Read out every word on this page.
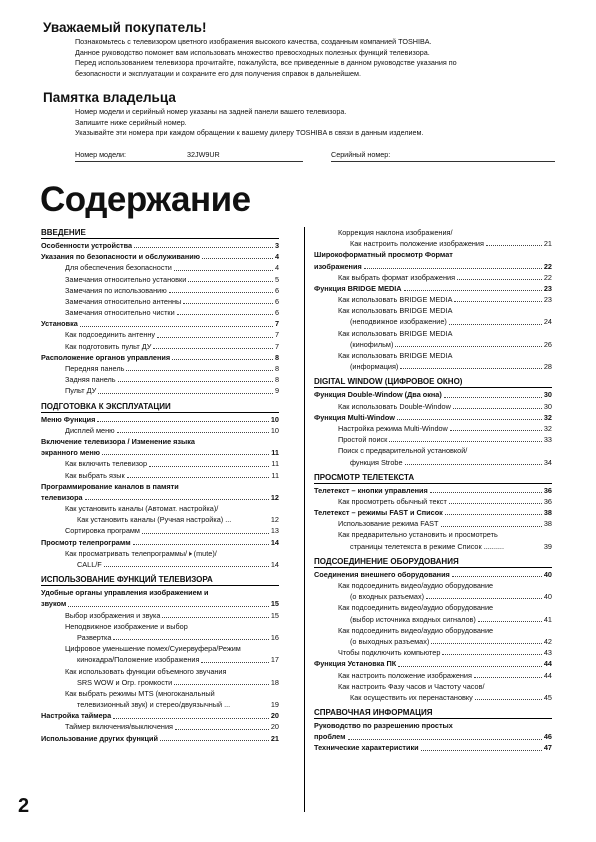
Уважаемый покупатель!
Познакомьтесь с телевизором цветного изображения высокого качества, созданным компанией TOSHIBA.
Данное руководство поможет вам использовать множество превосходных полезных функций телевизора.
Перед использованием телевизора прочитайте, пожалуйста, все приведенные в данном руководстве указания по
безопасности и эксплуатации и сохраните его для получения справок в дальнейшем.
Памятка владельца
Номер модели и серийный номер указаны на задней панели вашего телевизора.
Запишите ниже серийный номер.
Указывайте эти номера при каждом обращении к вашему дилеру TOSHIBA в связи в данным изделием.
Номер модели:	32JW9UR	Серийный номер:
Содержание
ВВЕДЕНИЕ
Особенности устройства	3
Указания по безопасности и обслуживанию	4
Для обеспечения безопасности	4
Замечания относительно установки	5
Замечания по использованию	6
Замечания относительно антенны	6
Замечания относительно чистки	6
Установка	7
Как подсоединить антенну	7
Как подготовить пульт ДУ	7
Расположение органов управления	8
Передняя панель	8
Задняя панель	8
Пульт ДУ	9
ПОДГОТОВКА К ЭКСПЛУАТАЦИИ
Меню Функция	10
Дисплей меню	10
Включение телевизора / Изменение языка
экранного меню	11
Как включить телевизор	11
Как выбрать язык	11
Программирование каналов в памяти
телевизора	12
Как установить каналы (Автомат. настройка)/
Как установить каналы (Ручная настройка) ...	12
Сортировка программ	13
Просмотр телепрограмм	14
Как просматривать телепрограммы/🕨 (mute)/
CALL/F	14
ИСПОЛЬЗОВАНИЕ ФУНКЦИЙ ТЕЛЕВИЗОРА
Удобные органы управления изображением и
звуком	15
Выбор изображения и звука	15
Неподвижное изображение и выбор
Развертка	16
Цифровое уменьшение помех/Суиервуфера/Режим
кинокадра/Положение изображения	17
Как использовать функции объемного звучания
SRS WOW и Огр. громкости	18
Как выбрать режимы MTS (многоканальный
телевизионный звук) и стерео/двуязычный ...	19
Настройка таймера	20
Таймер включения/выключения	20
Использование других функций	21
Коррекция наклона изображения/
Как настроить положение изображения	21
Широкоформатный просмотр Формат
изображения	22
Как выбрать формат изображения	22
Функция BRIDGE MEDIA	23
Как использовать BRIDGE MEDIA	23
Как использовать BRIDGE MEDIA
(неподвижное изображение)	24
Как использовать BRIDGE MEDIA
(кинофильм)	26
Как использовать BRIDGE MEDIA
(информация)	28
DIGITAL WINDOW (ЦИФРОВОЕ ОКНО)
Функция Double-Window (Два окна)	30
Как использовать Double-Window	30
Функция Multi-Window	32
Настройка режима Multi-Window	32
Простой поиск	33
Поиск с предварительной установкой/
функция Strobe	34
ПРОСМОТР ТЕЛЕТЕКСТА
Телетекст – кнопки управления	36
Как просмотреть обычный текст	36
Телетекст – режимы FAST и Список	38
Использование режима FAST	38
Как предварительно установить и просмотреть
страницы телетекста в режиме Список ..........	39
ПОДСОЕДИНЕНИЕ ОБОРУДОВАНИЯ
Соединения внешнего оборудования	40
Как подсоединить видео/аудио оборудование
(о входных разъемах)	40
Как подсоединить видео/аудио оборудование
(выбор источника входных сигналов)	41
Как подсоединить видео/аудио оборудование
(о выходных разъемах)	42
Чтобы подключить компьютер	43
Функция Установка ПК	44
Как настроить положение изображения	44
Как настроить Фазу часов и Частоту часов/
Как осуществить их перенастановку	45
СПРАВОЧНАЯ ИНФОРМАЦИЯ
Руководство по разрешению простых
проблем	46
Технические характеристики	47
2
